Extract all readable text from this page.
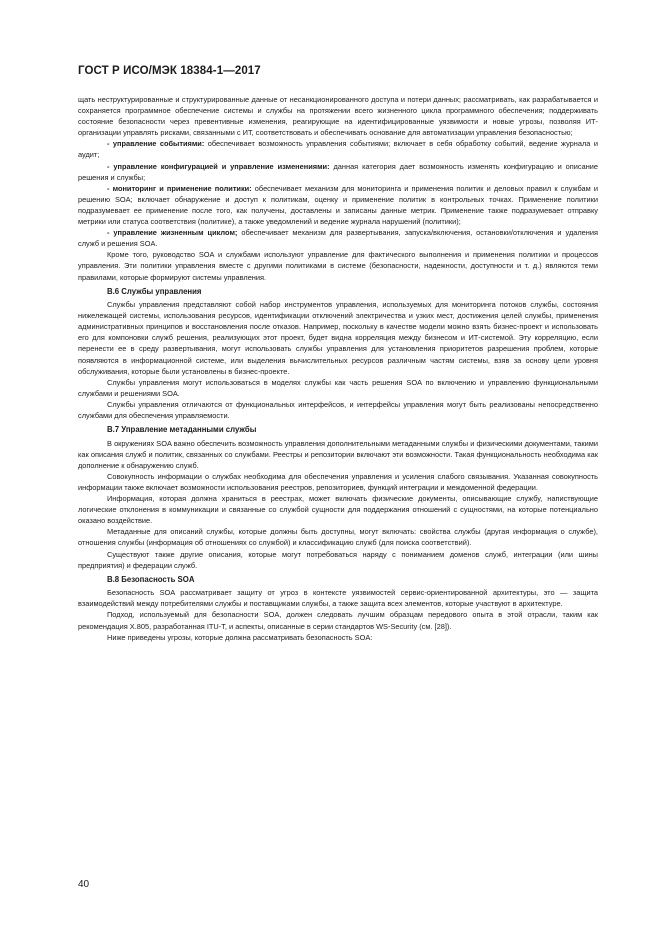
ГОСТ Р ИСО/МЭК 18384-1—2017

щать неструктурированные и структурированные данные от несанкционированного доступа и потери данных; рассматривать, как разрабатывается и сохраняется программное обеспечение системы и службы на протяжении всего жизненного цикла программного обеспечения; поддерживать состояние безопасности через превентивные изменения, реагирующие на идентифицированные уязвимости и новые угрозы, позволяя ИТ-организации управлять рисками, связанными с ИТ, соответствовать и обеспечивать основание для автоматизации управления безопасностью;

- управление событиями: обеспечивает возможность управления событиями; включает в себя обработку событий, ведение журнала и аудит;

- управление конфигурацией и управление изменениями: данная категория дает возможность изменять конфигурацию и описание решения и службы;

- мониторинг и применение политики: обеспечивает механизм для мониторинга и применения политик и деловых правил к службам и решению SOA; включает обнаружение и доступ к политикам, оценку и применение политик в контрольных точках. Применение политики подразумевает ее применение после того, как получены, доставлены и записаны данные метрик. Применение также подразумевает отправку метрики или статуса соответствия (политике), а также уведомлений и ведение журнала нарушений (политики);

- управление жизненным циклом; обеспечивает механизм для развертывания, запуска/включения, остановки/отключения и удаления служб и решения SOA.

Кроме того, руководство SOA и службами используют управление для фактического выполнения и применения политики и процессов управления. Эти политики управления вместе с другими политиками в системе (безопасности, надежности, доступности и т. д.) являются теми правилами, которые формируют системы управления.

В.6 Службы управления

Службы управления представляют собой набор инструментов управления, используемых для мониторинга потоков службы, состояния нижележащей системы, использования ресурсов, идентификации отключений электричества и узких мест, достижения целей службы, применения административных принципов и восстановления после отказов. Например, поскольку в качестве модели можно взять бизнес-проект и использовать его для компоновки служб решения, реализующих этот проект, будет видна корреляция между бизнесом и ИТ-системой. Эту корреляцию, если перенести ее в среду развертывания, могут использовать службы управления для установления приоритетов разрешения проблем, которые появляются в информационной системе, или выделения вычислительных ресурсов различным частям системы, взяв за основу цели уровня обслуживания, которые были установлены в бизнес-проекте.

Службы управления могут использоваться в моделях службы как часть решения SOA по включению и управлению функциональными службами и решениями SOA.

Службы управления отличаются от функциональных интерфейсов, и интерфейсы управления могут быть реализованы непосредственно службами для обеспечения управляемости.

В.7 Управление метаданными службы

В окружениях SOA важно обеспечить возможность управления дополнительными метаданными службы и физическими документами, такими как описания служб и политик, связанных со службами. Реестры и репозитории включают эти возможности. Такая функциональность необходима как дополнение к обнаружению служб.

Совокупность информации о службах необходима для обеспечения управления и усиления слабого связывания. Указанная совокупность информации также включает возможности использования реестров, репозиториев, функций интеграции и междоменной федерации.

Информация, которая должна храниться в реестрах, может включать физические документы, описывающие службу, напиствующие логические отклонения в коммуникации и связанные со службой сущности для поддержания отношений с сущностями, на которые потенциально оказано воздействие.

Метаданные для описаний службы, которые должны быть доступны, могут включать: свойства службы (другая информация о службе), отношения службы (информация об отношениях со службой) и классификацию служб (для поиска соответствий).

Существуют также другие описания, которые могут потребоваться наряду с пониманием доменов служб, интеграции (или шины предприятия) и федерации служб.

В.8 Безопасность SOA

Безопасность SOA рассматривает защиту от угроз в контексте уязвимостей сервис-ориентированной архитектуры, это — защита взаимодействий между потребителями службы и поставщиками службы, а также защита всех элементов, которые участвуют в архитектуре.

Подход, используемый для безопасности SOA, должен следовать лучшим образцам передового опыта в этой отрасли, таким как рекомендация X.805, разработанная ITU-T, и аспекты, описанные в серии стандартов WS-Security (см. [28]).

Ниже приведены угрозы, которые должна рассматривать безопасность SOA:

40
